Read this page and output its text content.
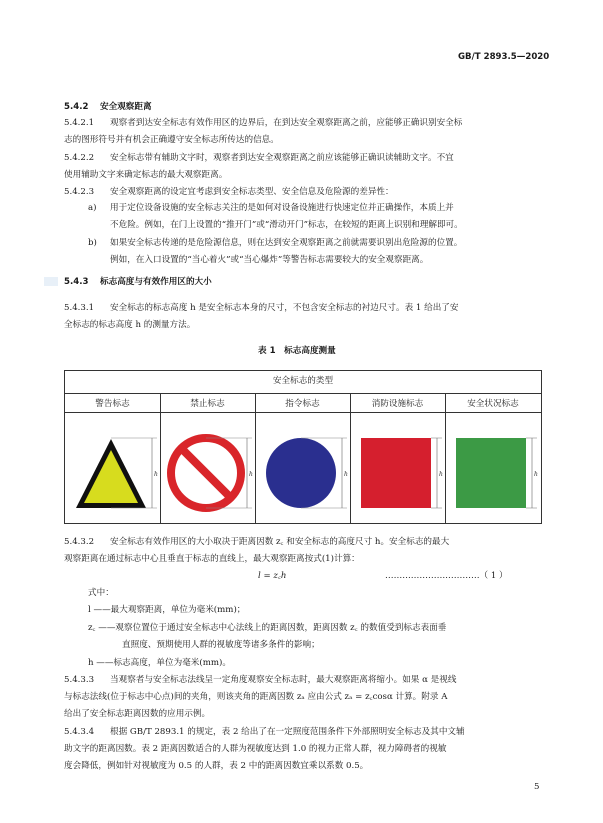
GB/T 2893.5—2020
5.4.2 安全观察距离
5.4.2.1 观察者到达安全标志有效作用区的边界后，在到达安全观察距离之前，应能够正确识别安全标
志的图形符号并有机会正确遵守安全标志所传达的信息。
5.4.2.2 安全标志带有辅助文字时，观察者到达安全观察距离之前应该能够正确识读辅助文字。不宜
使用辅助文字来确定标志的最大观察距离。
5.4.2.3 安全观察距离的设定宜考虑到安全标志类型、安全信息及危险源的差异性：
a) 用于定位设备设施的安全标志关注的是如何对设备设施进行快速定位并正确操作，本质上并
不危险。例如，在门上设置的“推开门”或“滑动开门”标志，在较短的距离上识别和理解即可。
b) 如果安全标志传递的是危险源信息，则在达到安全观察距离之前就需要识别出危险源的位置。
例如，在入口设置的“当心着火”或“当心爆炸”等警告标志需要较大的安全观察距离。
5.4.3 标志高度与有效作用区的大小
5.4.3.1 安全标志的标志高度 h 是安全标志本身的尺寸，不包含安全标志的衬边尺寸。表 1 给出了安
全标志的标志高度 h 的测量方法。
表 1　标志高度测量
安全标志的类型
警告标志	禁止标志	指令标志	消防设施标志	安全状况标志
h	h	h	h	h
5.4.3.2 安全标志有效作用区的大小取决于距离因数 z꜀ 和安全标志的高度尺寸 h。安全标志的最大
观察距离在通过标志中心且垂直于标志的直线上，最大观察距离按式(1)计算：
l = z꜀h	……………………………（ 1 ）
式中：
l ——最大观察距离，单位为毫米(mm)；
z꜀ ——观察位置位于通过安全标志中心法线上的距离因数，距离因数 z꜀ 的数值受到标志表面垂
直照度、预期使用人群的视敏度等诸多条件的影响；
h ——标志高度，单位为毫米(mm)。
5.4.3.3 当观察者与安全标志法线呈一定角度观察安全标志时，最大观察距离将缩小。如果 α 是视线
与标志法线(位于标志中心点)间的夹角，则该夹角的距离因数 zₐ 应由公式 zₐ = z꜀cosα 计算。附录 A
给出了安全标志距离因数的应用示例。
5.4.3.4 根据 GB/T 2893.1 的规定，表 2 给出了在一定照度范围条件下外部照明安全标志及其中文辅
助文字的距离因数。表 2 距离因数适合的人群为视敏度达到 1.0 的视力正常人群，视力障碍者的视敏
度会降低，例如针对视敏度为 0.5 的人群，表 2 中的距离因数宜乘以系数 0.5。
5
